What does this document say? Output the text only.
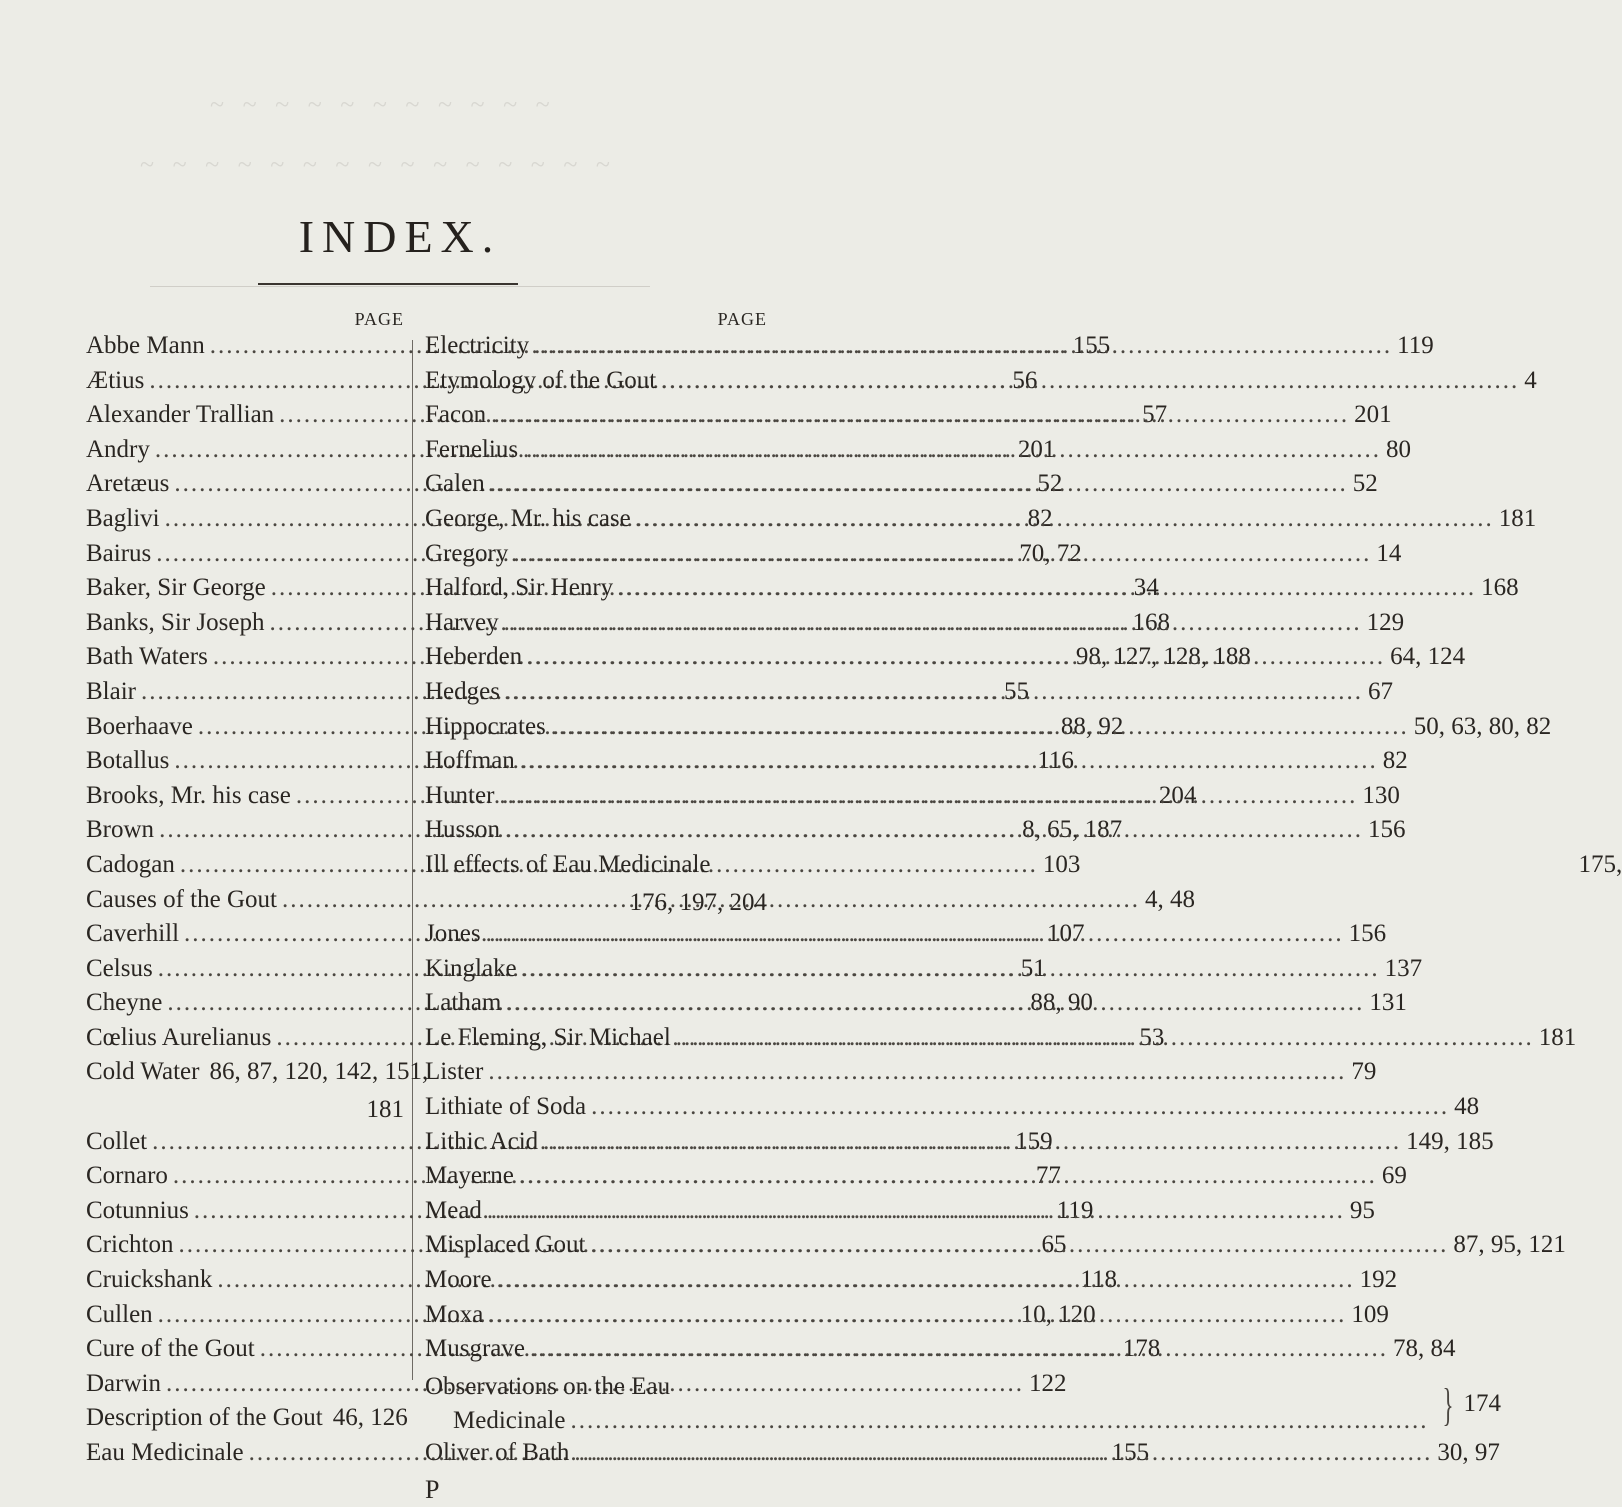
~ ~ ~ ~ ~ ~ ~ ~ ~ ~ ~
~ ~ ~ ~ ~ ~ ~ ~ ~ ~ ~ ~ ~ ~ ~
INDEX.
PAGE
Abbe Mann .....	155
Ætius .....	56
Alexander Trallian .....	57
Andry .....	201
Aretæus .....	52
Baglivi .....	82
Bairus .....	70, 72
Baker, Sir George .....	34
Banks, Sir Joseph .....	168
Bath Waters .....	98, 127, 128, 188
Blair .....	55
Boerhaave .....	88, 92
Botallus .....	116
Brooks, Mr. his case .....	204
Brown .....	8, 65, 187
Cadogan .....	103
Causes of the Gout .....	4, 48
Caverhill .....	107
Celsus .....	51
Cheyne .....	88, 90
Cœlius Aurelianus .....	53
Cold Water 86, 87, 120, 142, 151,
181
Collet .....	159
Cornaro .....	77
Cotunnius .....	119
Crichton .....	65
Cruickshank .....	118
Cullen .....	10, 120
Cure of the Gout .....	178
Darwin .....	122
Description of the Gout 46, 126
Eau Medicinale .....	155
PAGE
Electricity .....	119
Etymology of the Gout .....	4
Facon .....	201
Fernelius .....	80
Galen .....	52
George, Mr. his case .....	181
Gregory .....	14
Halford, Sir Henry .....	168
Harvey .....	129
Heberden .....	64, 124
Hedges .....	67
Hippocrates .....	50, 63, 80, 82
Hoffman .....	82
Hunter .....	130
Husson .....	156
Ill effects of Eau Medicinale	175,
176, 197, 204
Jones .....	156
Kinglake .....	137
Latham .....	131
Le Fleming, Sir Michael .....	181
Lister .....	79
Lithiate of Soda .....	48
Lithic Acid .....	149, 185
Mayerne .....	69
Mead .....	95
Misplaced Gout .....	87, 95, 121
Moore .....	192
Moxa .....	109
Musgrave .....	78, 84
Observations on the Eau
Medicinale .....	} 174
Oliver of Bath .....	30, 97
P
